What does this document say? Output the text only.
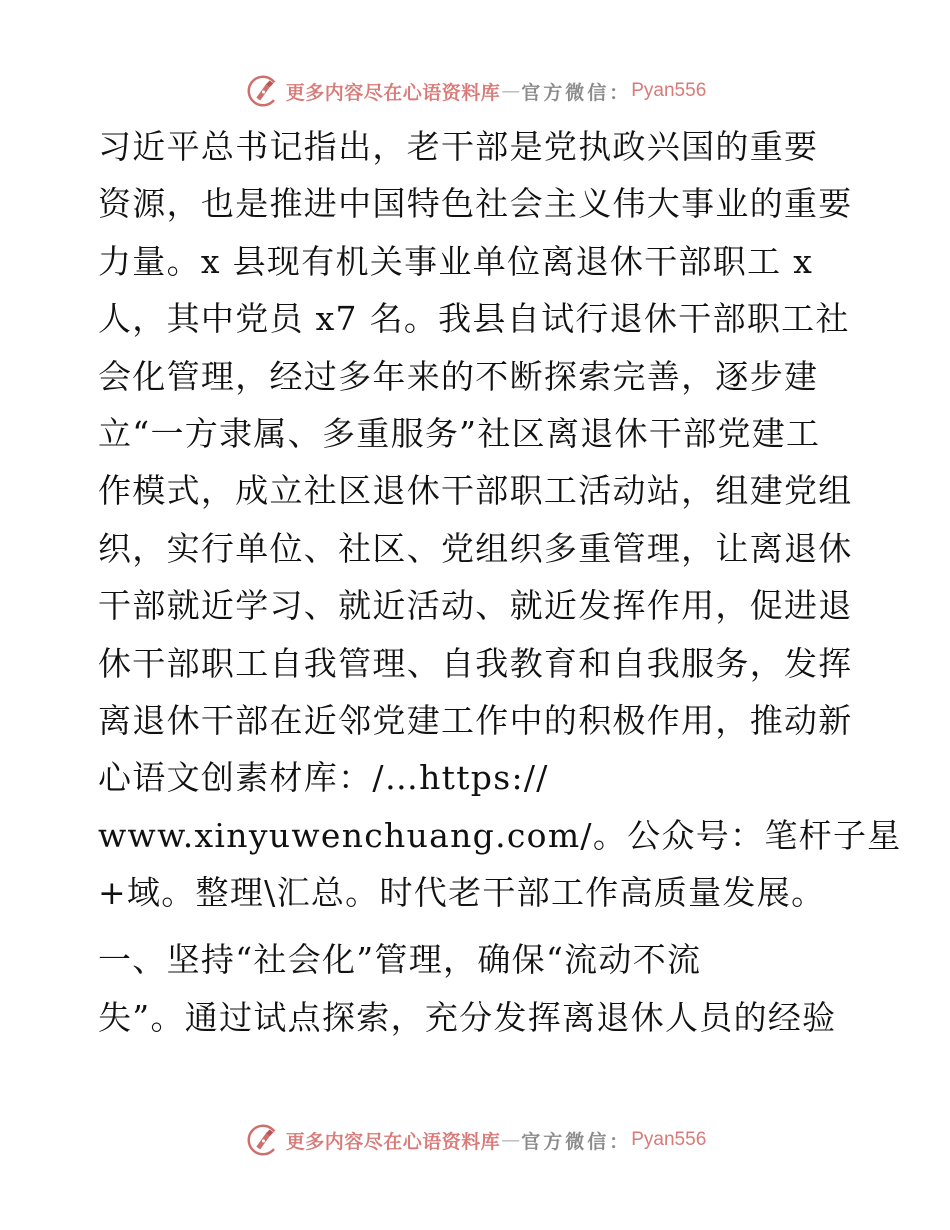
更多内容尽在心语资料库 — 官方微信： Pyan556
习近平总书记指出，老干部是党执政兴国的重要
资源，也是推进中国特色社会主义伟大事业的重要
力量。x 县现有机关事业单位离退休干部职工 x
人，其中党员 x7 名。我县自试行退休干部职工社
会化管理，经过多年来的不断探索完善，逐步建
立“一方隶属、多重服务”社区离退休干部党建工
作模式，成立社区退休干部职工活动站，组建党组
织，实行单位、社区、党组织多重管理，让离退休
干部就近学习、就近活动、就近发挥作用，促进退
休干部职工自我管理、自我教育和自我服务，发挥
离退休干部在近邻党建工作中的积极作用，推动新
心语文创素材库：/…https://
www.xinyuwenchuang.com/。公众号：笔杆子星
+域。整理\汇总。时代老干部工作高质量发展。
一、坚持“社会化”管理，确保“流动不流
失”。通过试点探索，充分发挥离退休人员的经验
更多内容尽在心语资料库 — 官方微信： Pyan556
